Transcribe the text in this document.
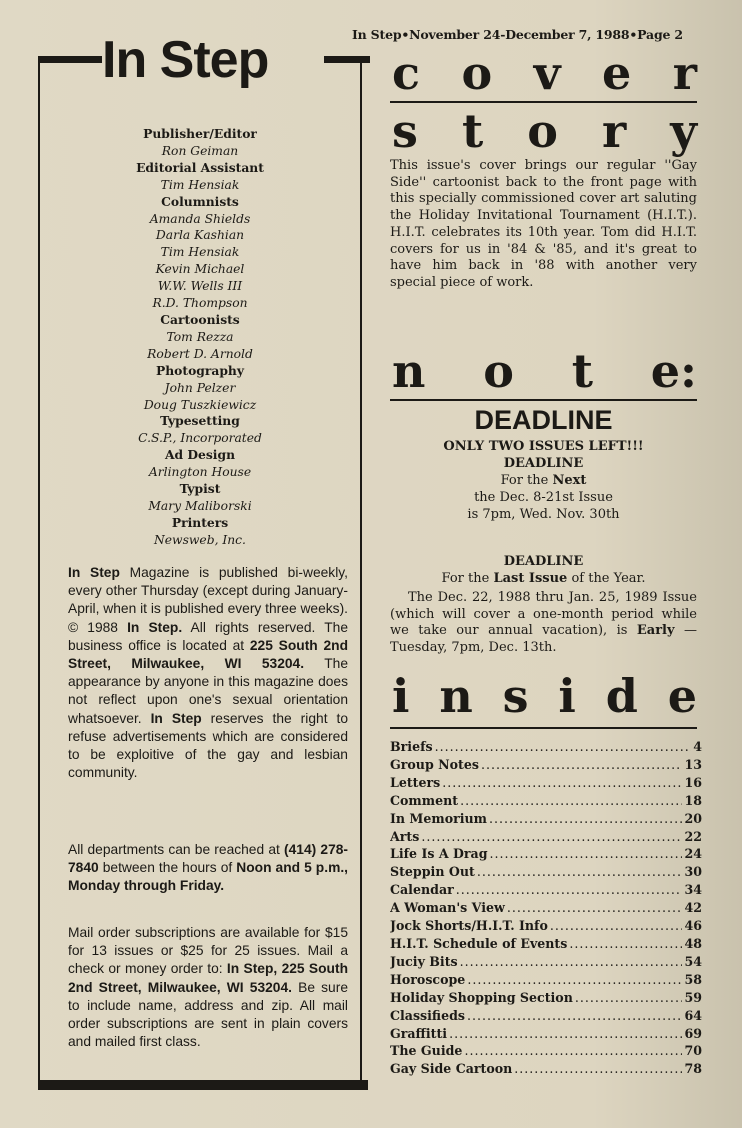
In Step•November 24-December 7, 1988•Page 2
In Step
Publisher/Editor
Ron Geiman
Editorial Assistant
Tim Hensiak
Columnists
Amanda Shields
Darla Kashian
Tim Hensiak
Kevin Michael
W.W. Wells III
R.D. Thompson
Cartoonists
Tom Rezza
Robert D. Arnold
Photography
John Pelzer
Doug Tuszkiewicz
Typesetting
C.S.P., Incorporated
Ad Design
Arlington House
Typist
Mary Maliborski
Printers
Newsweb, Inc.
In Step Magazine is published bi-weekly, every other Thursday (except during January-April, when it is published every three weeks). © 1988 In Step. All rights reserved. The business office is located at 225 South 2nd Street, Milwaukee, WI 53204. The appearance by anyone in this magazine does not reflect upon one's sexual orientation whatsoever. In Step reserves the right to refuse advertisements which are considered to be exploitive of the gay and lesbian community.
All departments can be reached at (414) 278-7840 between the hours of Noon and 5 p.m., Monday through Friday.
Mail order subscriptions are available for $15 for 13 issues or $25 for 25 issues. Mail a check or money order to: In Step, 225 South 2nd Street, Milwaukee, WI 53204. Be sure to include name, address and zip. All mail order subscriptions are sent in plain covers and mailed first class.
c o v e r
s t o r y
This issue's cover brings our regular ''Gay Side'' cartoonist back to the front page with this specially commissioned cover art saluting the Holiday Invitational Tournament (H.I.T.). H.I.T. celebrates its 10th year. Tom did H.I.T. covers for us in '84 & '85, and it's great to have him back in '88 with another very special piece of work.
n o t e:
DEADLINE
ONLY TWO ISSUES LEFT!!!
DEADLINE
For the Next
the Dec. 8-21st Issue
is 7pm, Wed. Nov. 30th
DEADLINE
For the Last Issue of the Year.
The Dec. 22, 1988 thru Jan. 25, 1989 Issue (which will cover a one-month period while we take our annual vacation), is Early — Tuesday, 7pm, Dec. 13th.
i n s i d e
Briefs .....	4
Group Notes .....	13
Letters .....	16
Comment .....	18
In Memorium .....	20
Arts .....	22
Life Is A Drag .....	24
Steppin Out .....	30
Calendar .....	34
A Woman's View .....	42
Jock Shorts/H.I.T. Info .....	46
H.I.T. Schedule of Events .....	48
Juciy Bits .....	54
Horoscope .....	58
Holiday Shopping Section .....	59
Classifieds .....	64
Graffitti .....	69
The Guide .....	70
Gay Side Cartoon .....	78
